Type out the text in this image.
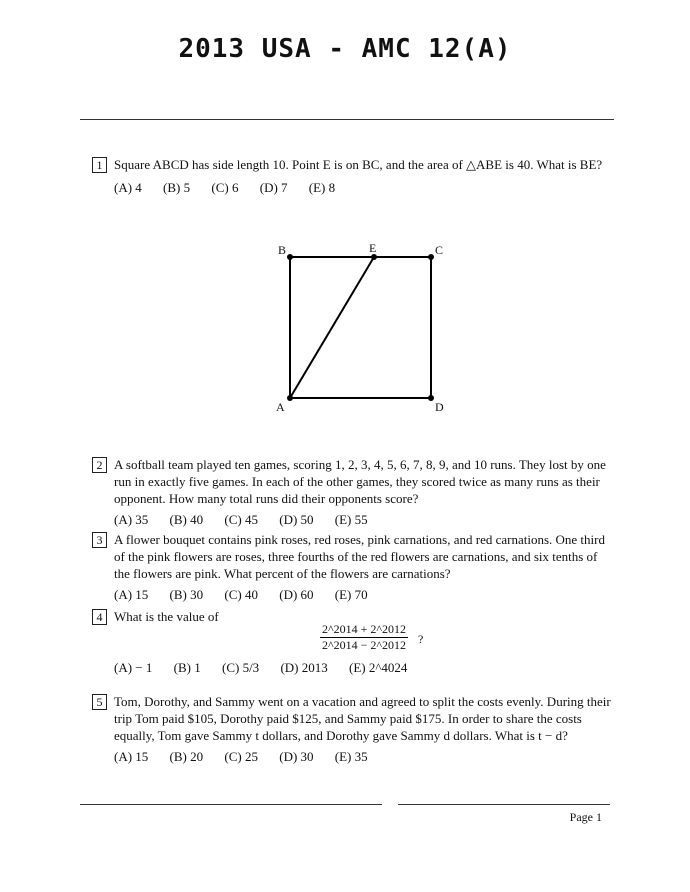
2013 USA - AMC 12(A)
1 Square ABCD has side length 10. Point E is on BC, and the area of △ABE is 40. What is BE?
(A) 4 (B) 5 (C) 6 (D) 7 (E) 8
B	E	C
A	D
2 A softball team played ten games, scoring 1, 2, 3, 4, 5, 6, 7, 8, 9, and 10 runs. They lost by one run in exactly five games. In each of the other games, they scored twice as many runs as their opponent. How many total runs did their opponents score?
(A) 35 (B) 40 (C) 45 (D) 50 (E) 55
3 A flower bouquet contains pink roses, red roses, pink carnations, and red carnations. One third of the pink flowers are roses, three fourths of the red flowers are carnations, and six tenths of the flowers are pink. What percent of the flowers are carnations?
(A) 15 (B) 30 (C) 40 (D) 60 (E) 70
4 What is the value of
(A) − 1 (B) 1 (C) 5/3 (D) 2013 (E) 2^4024
$\frac{2\^{}2014 + 2\^{}2012}{2\^{}2014 - 2\^{}2012}$ ?
5 Tom, Dorothy, and Sammy went on a vacation and agreed to split the costs evenly. During their trip Tom paid $105, Dorothy paid $125, and Sammy paid $175. In order to share the costs equally, Tom gave Sammy t dollars, and Dorothy gave Sammy d dollars. What is t − d?
(A) 15 (B) 20 (C) 25 (D) 30 (E) 35
Page 1
